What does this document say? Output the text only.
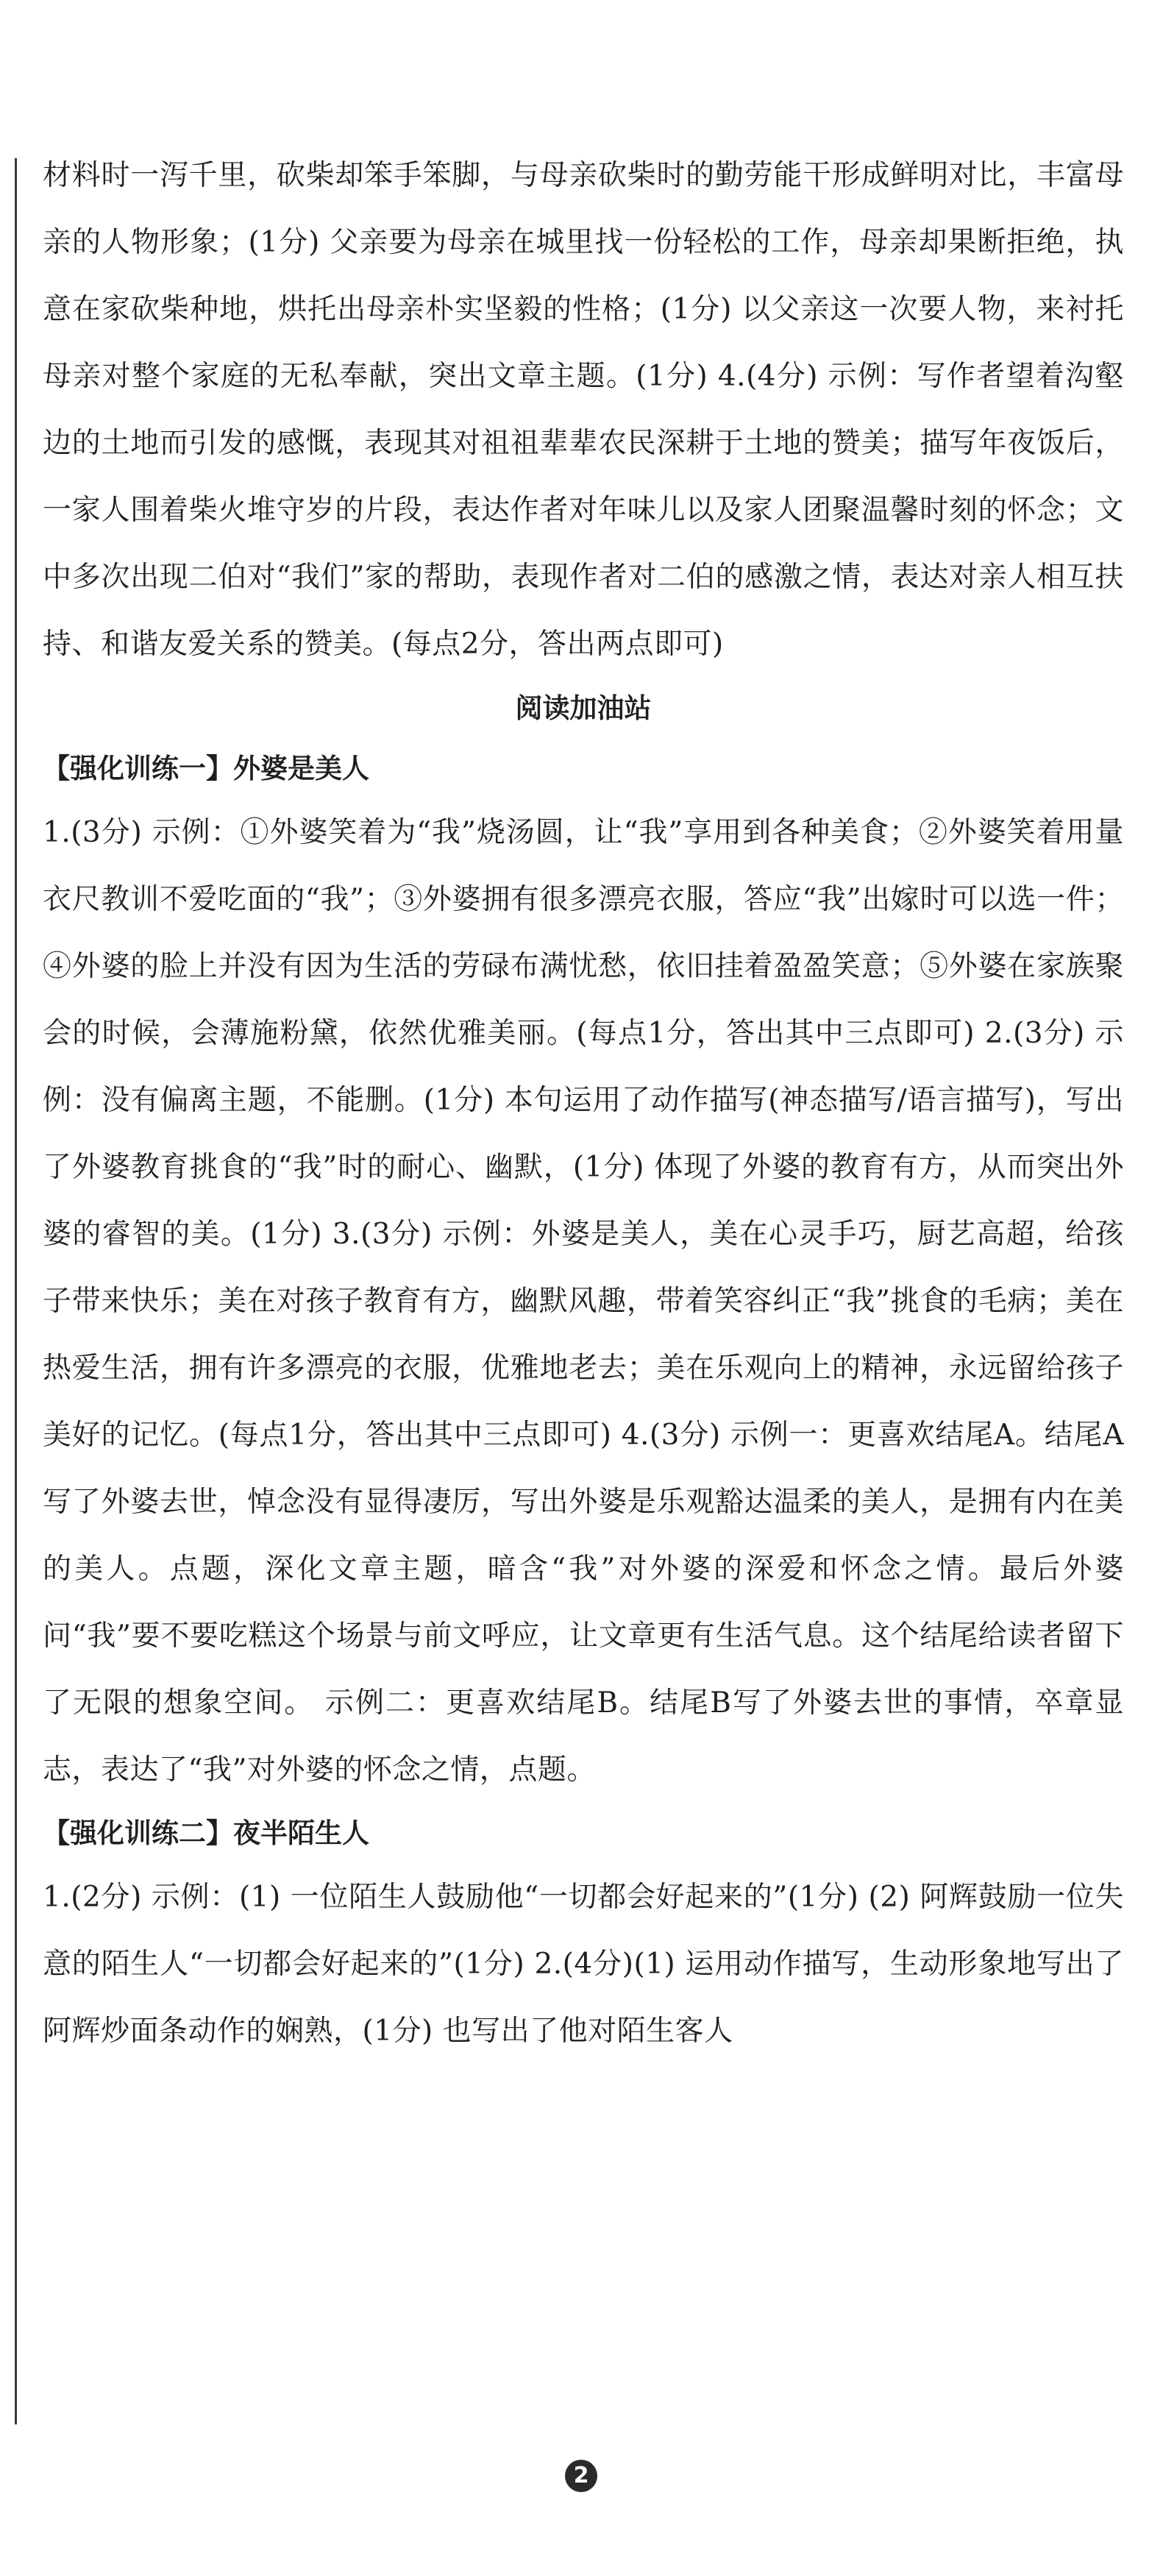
材料时一泻千里，砍柴却笨手笨脚，与母亲砍柴时的勤劳能干形成鲜明对比，丰富母亲的人物形象；(1分) 父亲要为母亲在城里找一份轻松的工作，母亲却果断拒绝，执意在家砍柴种地，烘托出母亲朴实坚毅的性格；(1分) 以父亲这一次要人物，来衬托母亲对整个家庭的无私奉献，突出文章主题。(1分) 4.(4分) 示例：写作者望着沟壑边的土地而引发的感慨，表现其对祖祖辈辈农民深耕于土地的赞美；描写年夜饭后，一家人围着柴火堆守岁的片段，表达作者对年味儿以及家人团聚温馨时刻的怀念；文中多次出现二伯对“我们”家的帮助，表现作者对二伯的感激之情，表达对亲人相互扶持、和谐友爱关系的赞美。(每点2分，答出两点即可)

阅读加油站

【强化训练一】外婆是美人

1.(3分) 示例：①外婆笑着为“我”烧汤圆，让“我”享用到各种美食；②外婆笑着用量衣尺教训不爱吃面的“我”；③外婆拥有很多漂亮衣服，答应“我”出嫁时可以选一件；④外婆的脸上并没有因为生活的劳碌布满忧愁，依旧挂着盈盈笑意；⑤外婆在家族聚会的时候，会薄施粉黛，依然优雅美丽。(每点1分，答出其中三点即可) 2.(3分) 示例：没有偏离主题，不能删。(1分) 本句运用了动作描写(神态描写/语言描写)，写出了外婆教育挑食的“我”时的耐心、幽默，(1分) 体现了外婆的教育有方，从而突出外婆的睿智的美。(1分) 3.(3分) 示例：外婆是美人，美在心灵手巧，厨艺高超，给孩子带来快乐；美在对孩子教育有方，幽默风趣，带着笑容纠正“我”挑食的毛病；美在热爱生活，拥有许多漂亮的衣服，优雅地老去；美在乐观向上的精神，永远留给孩子美好的记忆。(每点1分，答出其中三点即可) 4.(3分) 示例一：更喜欢结尾A。结尾A写了外婆去世，悼念没有显得凄厉，写出外婆是乐观豁达温柔的美人，是拥有内在美的美人。点题，深化文章主题，暗含“我”对外婆的深爱和怀念之情。最后外婆问“我”要不要吃糕这个场景与前文呼应，让文章更有生活气息。这个结尾给读者留下了无限的想象空间。 示例二：更喜欢结尾B。结尾B写了外婆去世的事情，卒章显志，表达了“我”对外婆的怀念之情，点题。

【强化训练二】夜半陌生人

1.(2分) 示例：(1) 一位陌生人鼓励他“一切都会好起来的”(1分) (2) 阿辉鼓励一位失意的陌生人“一切都会好起来的”(1分) 2.(4分)(1) 运用动作描写，生动形象地写出了阿辉炒面条动作的娴熟，(1分) 也写出了他对陌生客人

2
